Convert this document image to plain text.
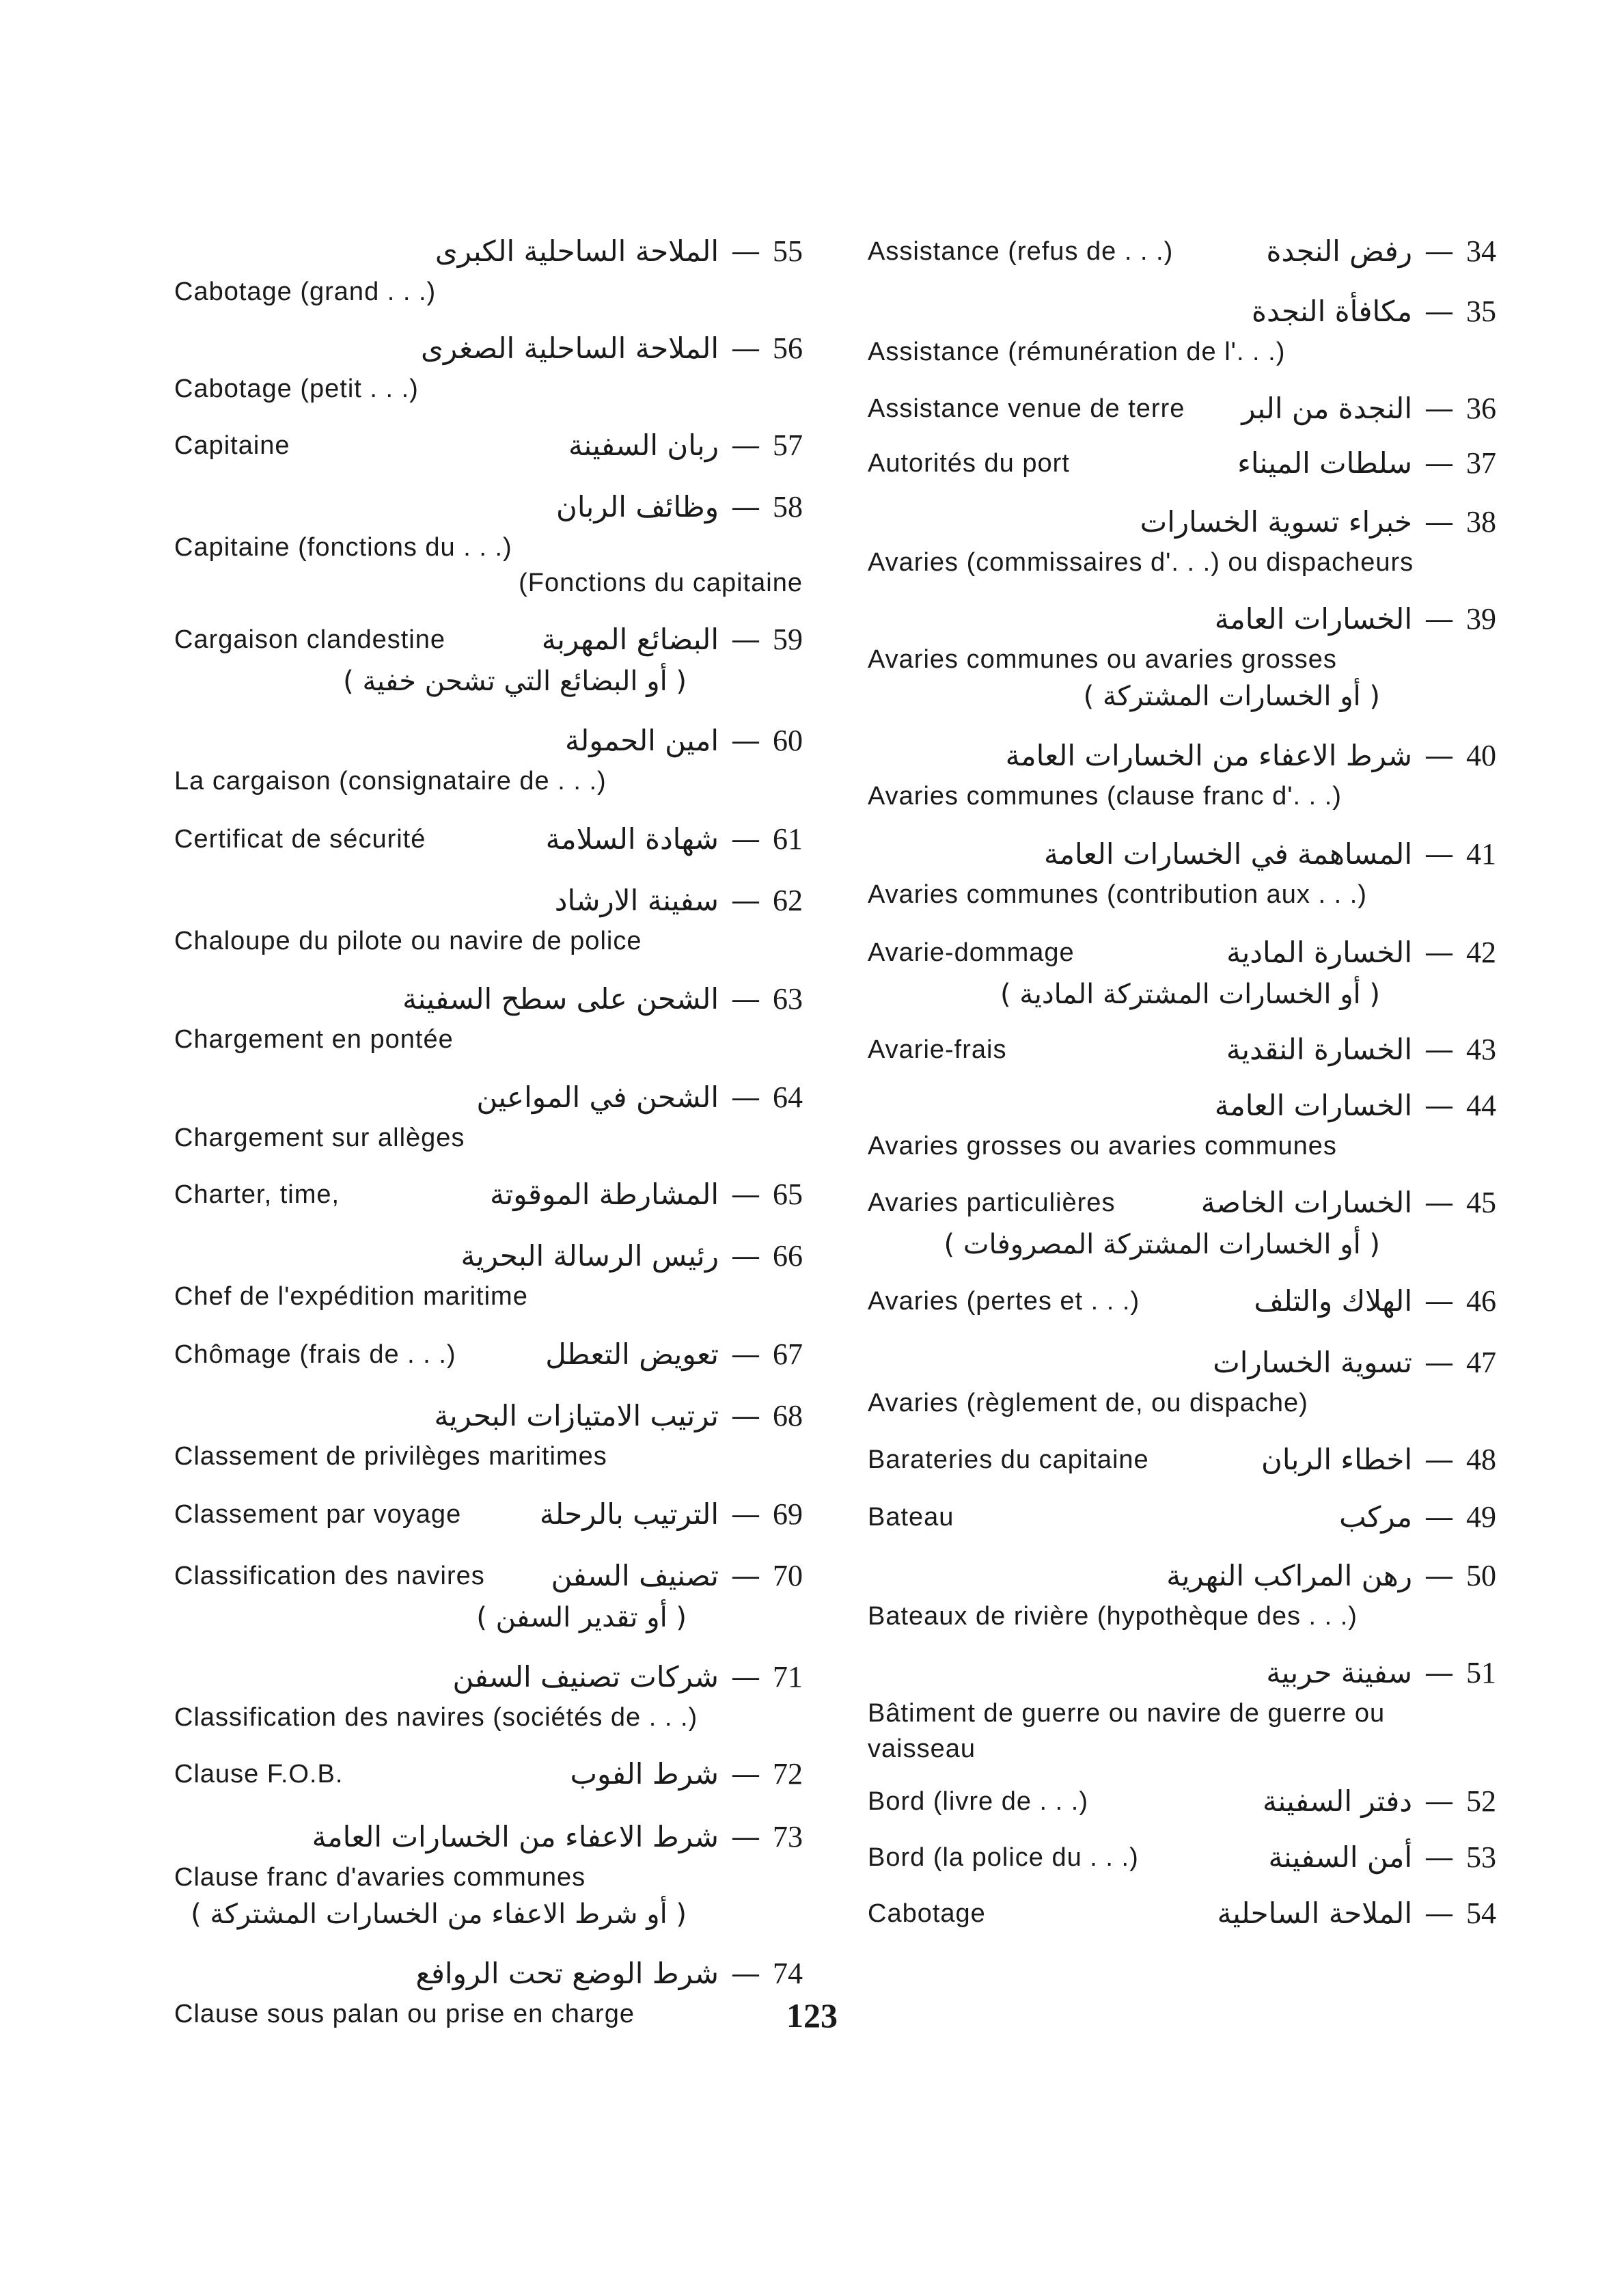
55—الملاحة الساحلية الكبرى
Cabotage (grand . . .)
56—الملاحة الساحلية الصغرى
Cabotage (petit . . .)
57—ربان السفينة
Capitaine
58—وظائف الربان
Capitaine (fonctions du . . .)
(Fonctions du capitaine
59—البضائع المهربة
Cargaison clandestine
( أو البضائع التي تشحن خفية )
60—امين الحمولة
La cargaison (consignataire de . . .)
61—شهادة السلامة
Certificat de sécurité
62—سفينة الارشاد
Chaloupe du pilote ou navire de police
63—الشحن على سطح السفينة
Chargement en pontée
64—الشحن في المواعين
Chargement sur allèges
65—المشارطة الموقوتة
Charter, time,
66—رئيس الرسالة البحرية
Chef de l'expédition maritime
67—تعويض التعطل
Chômage (frais de . . .)
68—ترتيب الامتيازات البحرية
Classement de privilèges maritimes
69—الترتيب بالرحلة
Classement par voyage
70—تصنيف السفن
Classification des navires
( أو تقدير السفن )
71—شركات تصنيف السفن
Classification des navires (sociétés de . . .)
72—شرط الفوب
Clause F.O.B.
73—شرط الاعفاء من الخسارات العامة
Clause franc d'avaries communes
( أو شرط الاعفاء من الخسارات المشتركة )
74—شرط الوضع تحت الروافع
Clause sous palan ou prise en charge
34—رفض النجدة
Assistance (refus de . . .)
35—مكافأة النجدة
Assistance (rémunération de l'. . .)
36—النجدة من البر
Assistance venue de terre
37—سلطات الميناء
Autorités du port
38—خبراء تسوية الخسارات
Avaries (commissaires d'. . .) ou dispacheurs
39—الخسارات العامة
Avaries communes ou avaries grosses
( أو الخسارات المشتركة )
40—شرط الاعفاء من الخسارات العامة
Avaries communes (clause franc d'. . .)
41—المساهمة في الخسارات العامة
Avaries communes (contribution aux . . .)
42—الخسارة المادية
Avarie-dommage
( أو الخسارات المشتركة المادية )
43—الخسارة النقدية
Avarie-frais
44—الخسارات العامة
Avaries grosses ou avaries communes
45—الخسارات الخاصة
Avaries particulières
( أو الخسارات المشتركة المصروفات )
46—الهلاك والتلف
Avaries (pertes et . . .)
47—تسوية الخسارات
Avaries (règlement de, ou dispache)
48—اخطاء الربان
Barateries du capitaine
49—مركب
Bateau
50—رهن المراكب النهرية
Bateaux de rivière (hypothèque des . . .)
51—سفينة حربية
Bâtiment de guerre ou navire de guerre ou vaisseau
52—دفتر السفينة
Bord (livre de . . .)
53—أمن السفينة
Bord (la police du . . .)
54—الملاحة الساحلية
Cabotage
123
